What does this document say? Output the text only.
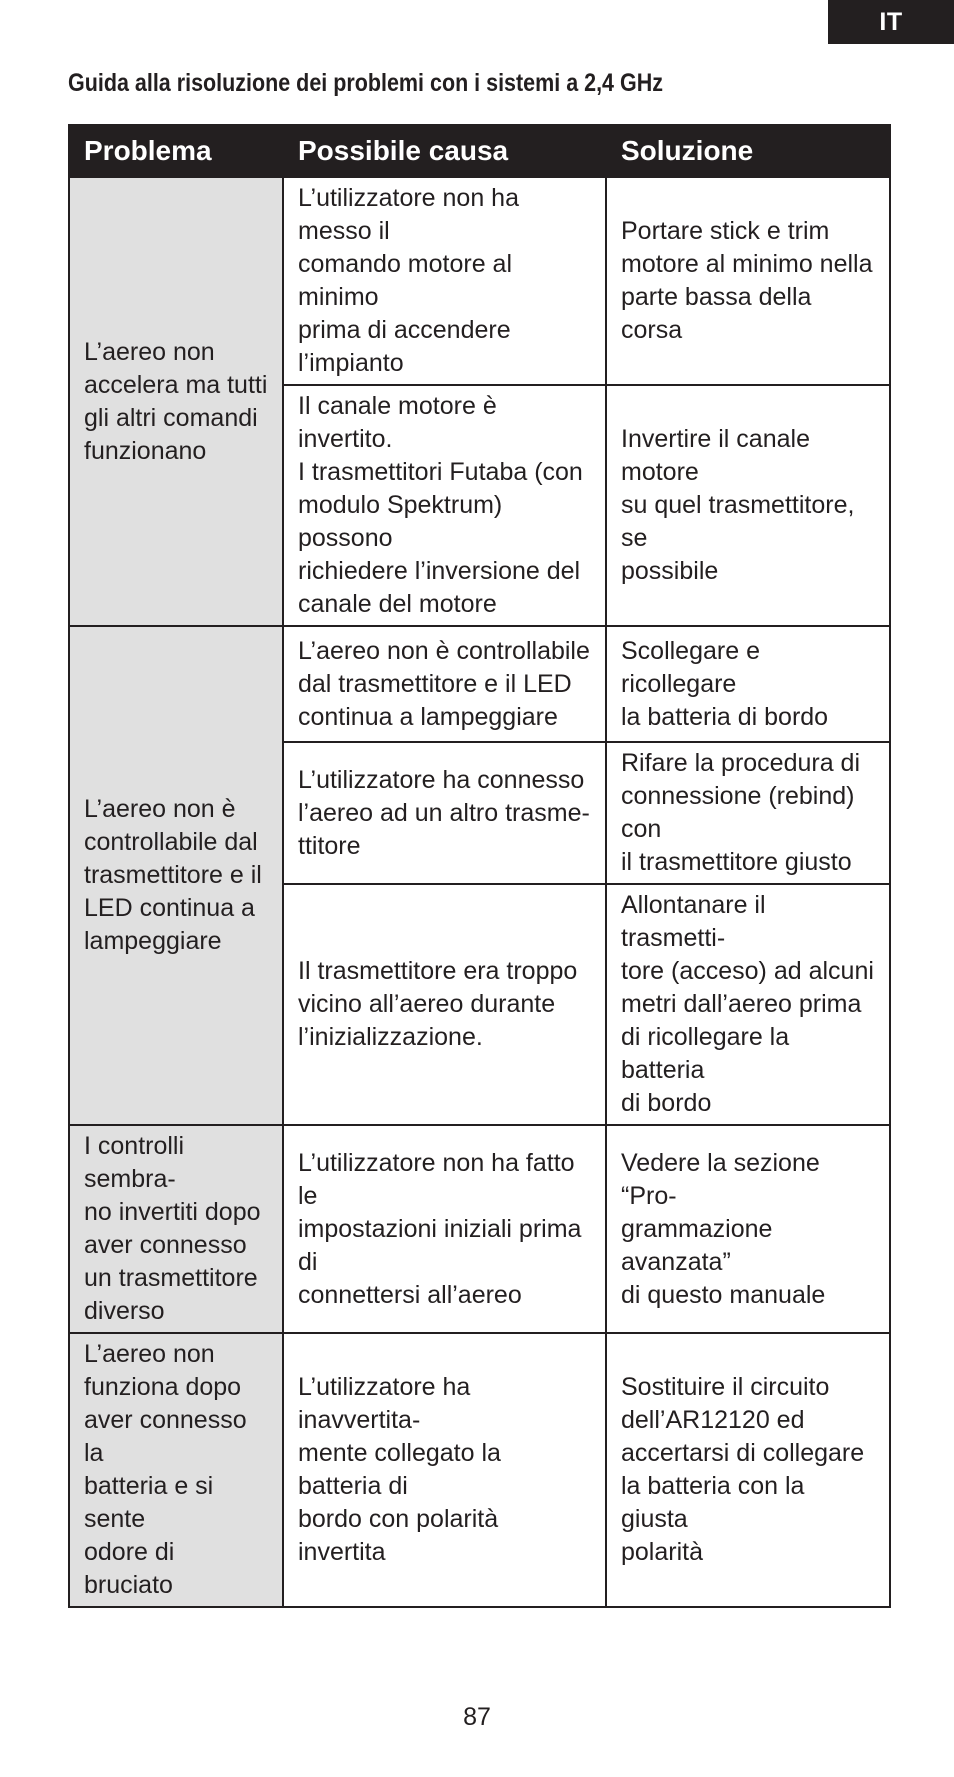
IT
Guida alla risoluzione dei problemi con i sistemi a 2,4 GHz
Problema	Possibile causa	Soluzione
L’aereo non
accelera ma tutti
gli altri comandi
funzionano	L’utilizzatore non ha messo il
comando motore al minimo
prima di accendere l’impianto	Portare stick e trim
motore al minimo nella
parte bassa della corsa
	Il canale motore è invertito.
I trasmettitori Futaba (con
modulo Spektrum) possono
richiedere l’inversione del
canale del motore	Invertire il canale motore
su quel trasmettitore, se
possibile
L’aereo non è
controllabile dal
trasmettitore e il
LED continua a
lampeggiare	L’aereo non è controllabile
dal trasmettitore e il LED
continua a lampeggiare	Scollegare e ricollegare
la batteria di bordo
	L’utilizzatore ha connesso
l’aereo ad un altro trasme-
ttitore	Rifare la procedura di
connessione (rebind) con
il trasmettitore giusto
	Il trasmettitore era troppo
vicino all’aereo durante
l’inizializzazione.	Allontanare il trasmetti-
tore (acceso) ad alcuni
metri dall’aereo prima
di ricollegare la batteria
di bordo
I controlli sembra-
no invertiti dopo
aver connesso
un trasmettitore
diverso	L’utilizzatore non ha fatto le
impostazioni iniziali prima di
connettersi all’aereo	Vedere la sezione “Pro-
grammazione avanzata”
di questo manuale
L’aereo non
funziona dopo
aver connesso la
batteria e si sente
odore di bruciato	L’utilizzatore ha inavvertita-
mente collegato la batteria di
bordo con polarità invertita	Sostituire il circuito
dell’AR12120 ed
accertarsi di collegare
la batteria con la giusta
polarità
87
